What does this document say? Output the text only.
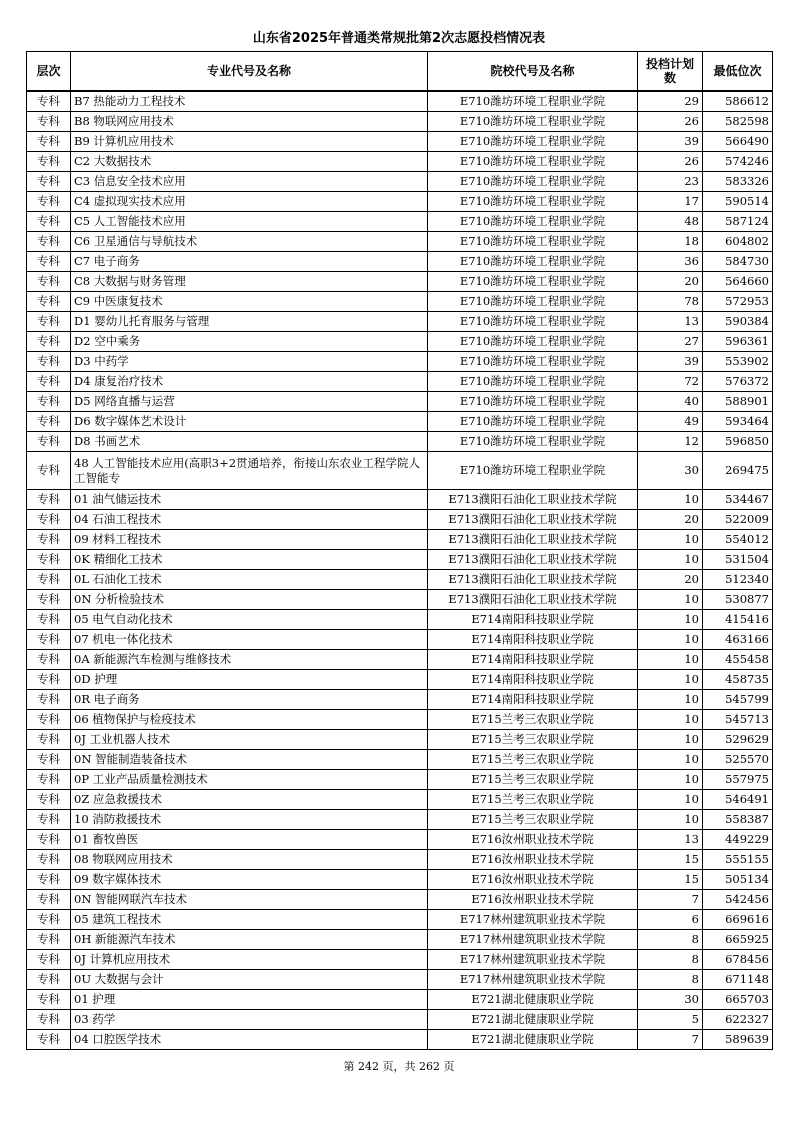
山东省2025年普通类常规批第2次志愿投档情况表
层次	专业代号及名称	院校代号及名称	投档计划数	最低位次
专科	B7 热能动力工程技术	E710潍坊环境工程职业学院	29	586612
专科	B8 物联网应用技术	E710潍坊环境工程职业学院	26	582598
专科	B9 计算机应用技术	E710潍坊环境工程职业学院	39	566490
专科	C2 大数据技术	E710潍坊环境工程职业学院	26	574246
专科	C3 信息安全技术应用	E710潍坊环境工程职业学院	23	583326
专科	C4 虚拟现实技术应用	E710潍坊环境工程职业学院	17	590514
专科	C5 人工智能技术应用	E710潍坊环境工程职业学院	48	587124
专科	C6 卫星通信与导航技术	E710潍坊环境工程职业学院	18	604802
专科	C7 电子商务	E710潍坊环境工程职业学院	36	584730
专科	C8 大数据与财务管理	E710潍坊环境工程职业学院	20	564660
专科	C9 中医康复技术	E710潍坊环境工程职业学院	78	572953
专科	D1 婴幼儿托育服务与管理	E710潍坊环境工程职业学院	13	590384
专科	D2 空中乘务	E710潍坊环境工程职业学院	27	596361
专科	D3 中药学	E710潍坊环境工程职业学院	39	553902
专科	D4 康复治疗技术	E710潍坊环境工程职业学院	72	576372
专科	D5 网络直播与运营	E710潍坊环境工程职业学院	40	588901
专科	D6 数字媒体艺术设计	E710潍坊环境工程职业学院	49	593464
专科	D8 书画艺术	E710潍坊环境工程职业学院	12	596850
专科	48 人工智能技术应用(高职3+2贯通培养，衔接山东农业工程学院人工智能专	E710潍坊环境工程职业学院	30	269475
专科	01 油气储运技术	E713濮阳石油化工职业技术学院	10	534467
专科	04 石油工程技术	E713濮阳石油化工职业技术学院	20	522009
专科	09 材料工程技术	E713濮阳石油化工职业技术学院	10	554012
专科	0K 精细化工技术	E713濮阳石油化工职业技术学院	10	531504
专科	0L 石油化工技术	E713濮阳石油化工职业技术学院	20	512340
专科	0N 分析检验技术	E713濮阳石油化工职业技术学院	10	530877
专科	05 电气自动化技术	E714南阳科技职业学院	10	415416
专科	07 机电一体化技术	E714南阳科技职业学院	10	463166
专科	0A 新能源汽车检测与维修技术	E714南阳科技职业学院	10	455458
专科	0D 护理	E714南阳科技职业学院	10	458735
专科	0R 电子商务	E714南阳科技职业学院	10	545799
专科	06 植物保护与检疫技术	E715兰考三农职业学院	10	545713
专科	0J 工业机器人技术	E715兰考三农职业学院	10	529629
专科	0N 智能制造装备技术	E715兰考三农职业学院	10	525570
专科	0P 工业产品质量检测技术	E715兰考三农职业学院	10	557975
专科	0Z 应急救援技术	E715兰考三农职业学院	10	546491
专科	10 消防救援技术	E715兰考三农职业学院	10	558387
专科	01 畜牧兽医	E716汝州职业技术学院	13	449229
专科	08 物联网应用技术	E716汝州职业技术学院	15	555155
专科	09 数字媒体技术	E716汝州职业技术学院	15	505134
专科	0N 智能网联汽车技术	E716汝州职业技术学院	7	542456
专科	05 建筑工程技术	E717林州建筑职业技术学院	6	669616
专科	0H 新能源汽车技术	E717林州建筑职业技术学院	8	665925
专科	0J 计算机应用技术	E717林州建筑职业技术学院	8	678456
专科	0U 大数据与会计	E717林州建筑职业技术学院	8	671148
专科	01 护理	E721湖北健康职业学院	30	665703
专科	03 药学	E721湖北健康职业学院	5	622327
专科	04 口腔医学技术	E721湖北健康职业学院	7	589639
第 242 页，共 262 页
